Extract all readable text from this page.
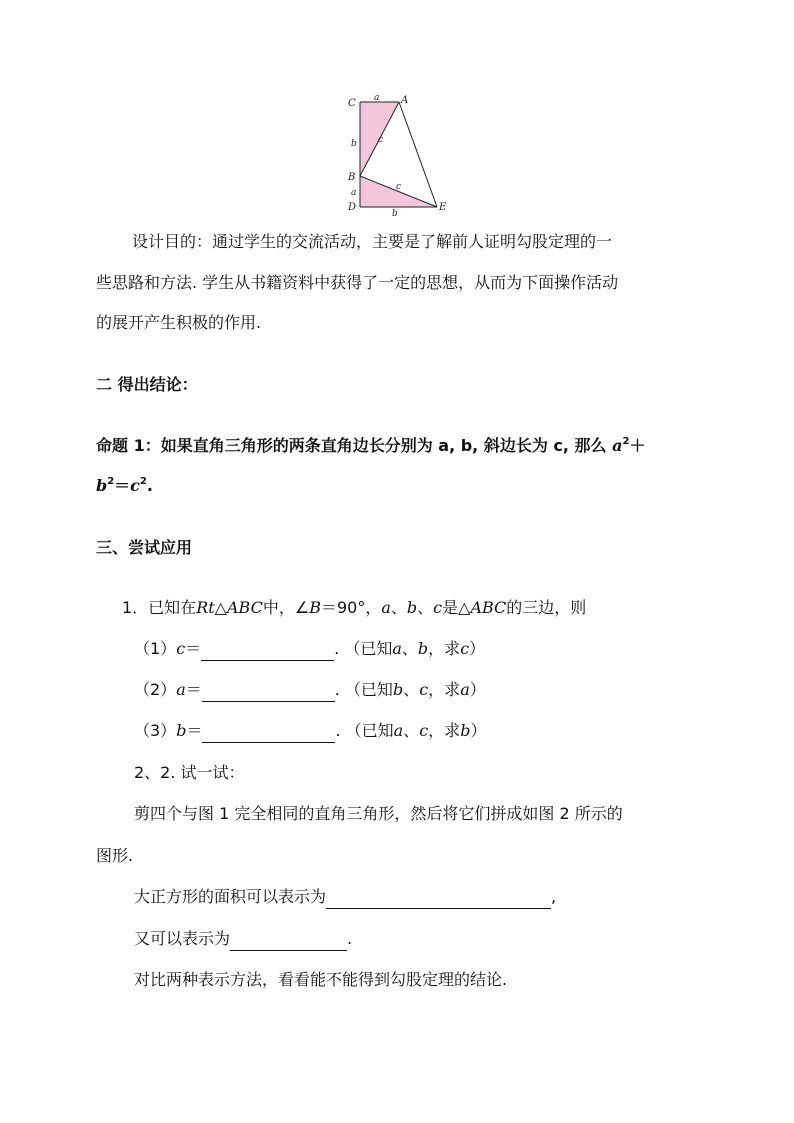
C	A
B
D	E
a
b c
a
c
b
设计目的：通过学生的交流活动，主要是了解前人证明勾股定理的一
些思路和方法. 学生从书籍资料中获得了一定的思想，从而为下面操作活动
的展开产生积极的作用.
二 得出结论：
命题 1：如果直角三角形的两条直角边长分别为 a, b, 斜边长为 c, 那么 $a^2+$
$b^2=c^2$.
三、尝试应用
1．已知在Rt△ABC中，∠B＝90°，a、b、c是△ABC的三边，则
（1）c＝	. （已知a、b，求c）
（2）a＝	. （已知b、c，求a）
（3）b＝	. （已知a、c，求b）
2、2. 试一试：
剪四个与图 1 完全相同的直角三角形，然后将它们拼成如图 2 所示的
图形.
大正方形的面积可以表示为	,
又可以表示为	.
对比两种表示方法，看看能不能得到勾股定理的结论.
